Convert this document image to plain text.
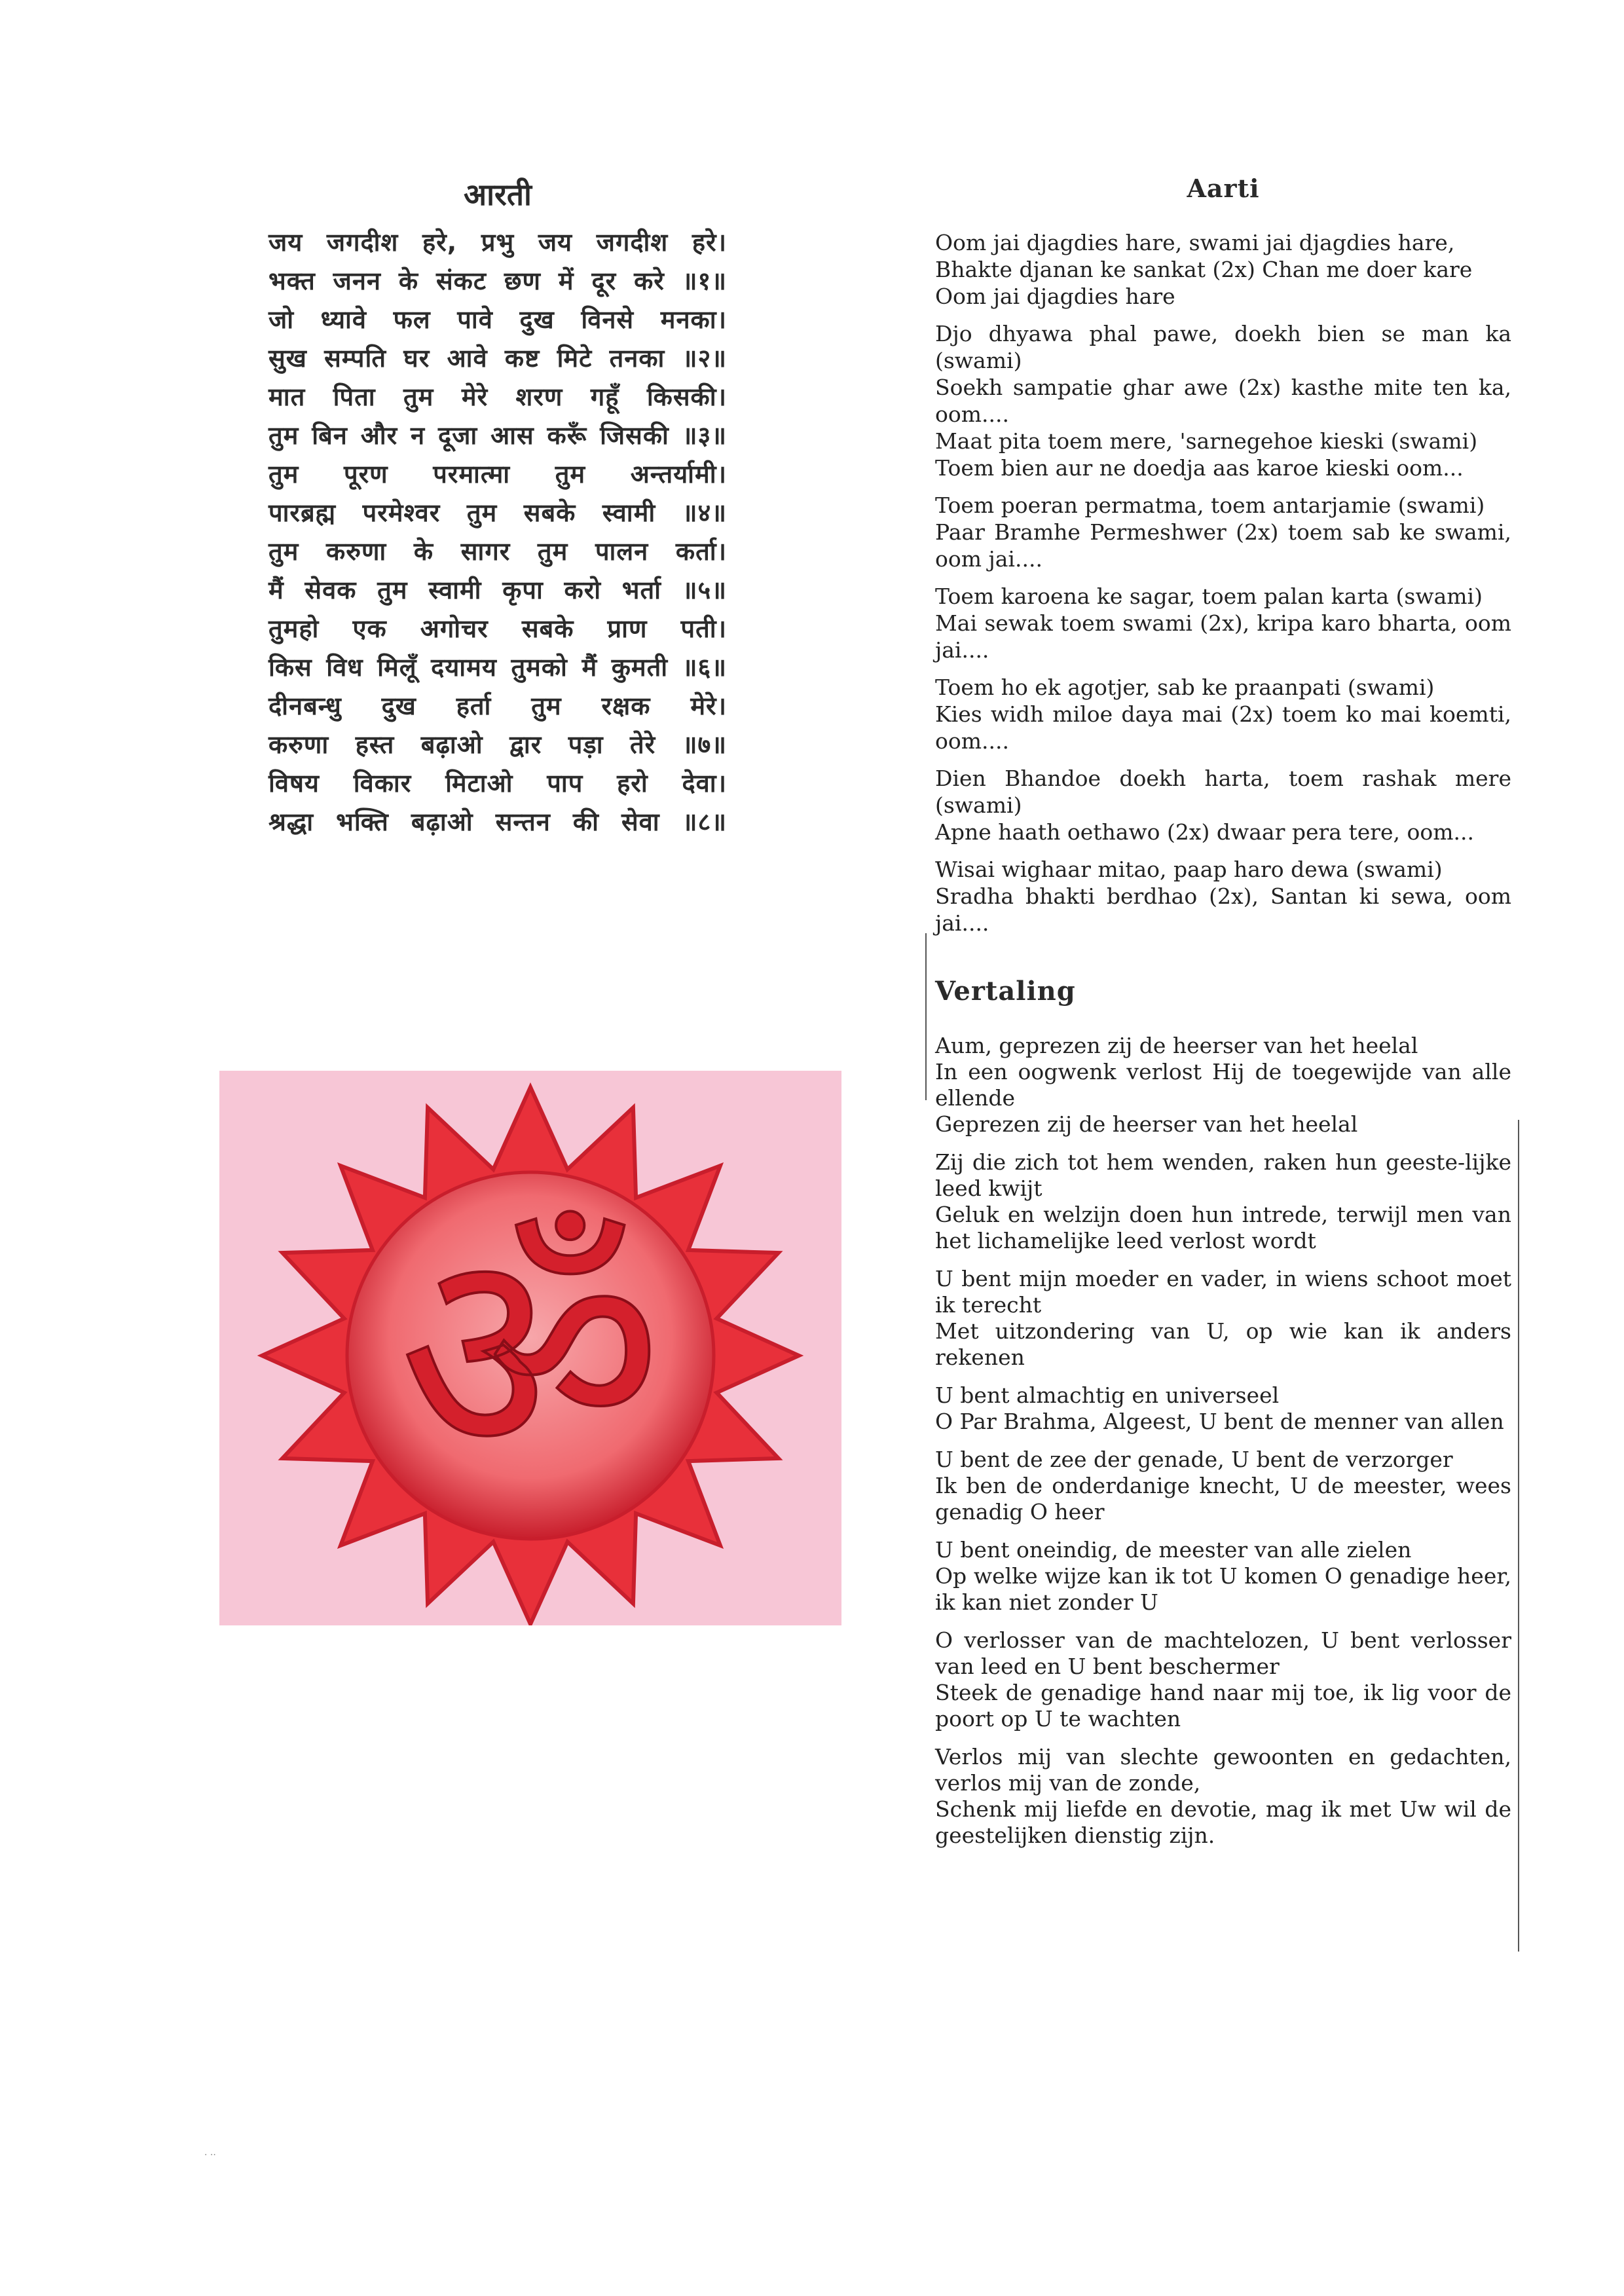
आरती
जय जगदीश हरे, प्रभु जय जगदीश हरे।
भक्त जनन के संकट छण में दूर करे ॥१॥
जो ध्यावे फल पावे दुख विनसे मनका।
सुख सम्पति घर आवे कष्ट मिटे तनका ॥२॥
मात पिता तुम मेरे शरण गहूँ किसकी।
तुम बिन और न दूजा आस करूँ जिसकी ॥३॥
तुम पूरण परमात्मा तुम अन्तर्यामी।
पारब्रह्म परमेश्वर तुम सबके स्वामी ॥४॥
तुम करुणा के सागर तुम पालन कर्ता।
मैं सेवक तुम स्वामी कृपा करो भर्ता ॥५॥
तुमहो एक अगोचर सबके प्राण पती।
किस विध मिलूँ दयामय तुमको मैं कुमती ॥६॥
दीनबन्धु दुख हर्ता तुम रक्षक मेरे।
करुणा हस्त बढ़ाओ द्वार पड़ा तेरे ॥७॥
विषय विकार मिटाओ पाप हरो देवा।
श्रद्धा भक्ति बढ़ाओ सन्तन की सेवा ॥८॥
ॐ
Aarti
Oom jai djagdies hare, swami jai djagdies hare,
Bhakte djanan ke sankat (2x) Chan me doer kare
Oom jai djagdies hare
Djo dhyawa phal pawe, doekh bien se man ka (swami)
Soekh sampatie ghar awe (2x) kasthe mite ten ka, oom....
Maat pita toem mere, 'sarnegehoe kieski (swami)
Toem bien aur ne doedja aas karoe kieski oom...
Toem poeran permatma, toem antarjamie (swami)
Paar Bramhe Permeshwer (2x) toem sab ke swami, oom jai....
Toem karoena ke sagar, toem palan karta (swami)
Mai sewak toem swami (2x), kripa karo bharta, oom jai....
Toem ho ek agotjer, sab ke praanpati (swami)
Kies widh miloe daya mai (2x) toem ko mai koemti, oom....
Dien Bhandoe doekh harta, toem rashak mere (swami)
Apne haath oethawo (2x) dwaar pera tere, oom...
Wisai wighaar mitao, paap haro dewa (swami)
Sradha bhakti berdhao (2x), Santan ki sewa, oom jai....
Vertaling
Aum, geprezen zij de heerser van het heelal
In een oogwenk verlost Hij de toegewijde van alle ellende
Geprezen zij de heerser van het heelal
Zij die zich tot hem wenden, raken hun geeste-lijke leed kwijt
Geluk en welzijn doen hun intrede, terwijl men van het lichamelijke leed verlost wordt
U bent mijn moeder en vader, in wiens schoot moet ik terecht
Met uitzondering van U, op wie kan ik anders rekenen
U bent almachtig en universeel
O Par Brahma, Algeest, U bent de menner van allen
U bent de zee der genade, U bent de verzorger
Ik ben de onderdanige knecht, U de meester, wees genadig O heer
U bent oneindig, de meester van alle zielen
Op welke wijze kan ik tot U komen O genadige heer, ik kan niet zonder U
O verlosser van de machtelozen, U bent verlosser van leed en U bent beschermer
Steek de genadige hand naar mij toe, ik lig voor de poort op U te wachten
Verlos mij van slechte gewoonten en gedachten, verlos mij van de zonde,
Schenk mij liefde en devotie, mag ik met Uw wil de geestelijken dienstig zijn.
· ··
